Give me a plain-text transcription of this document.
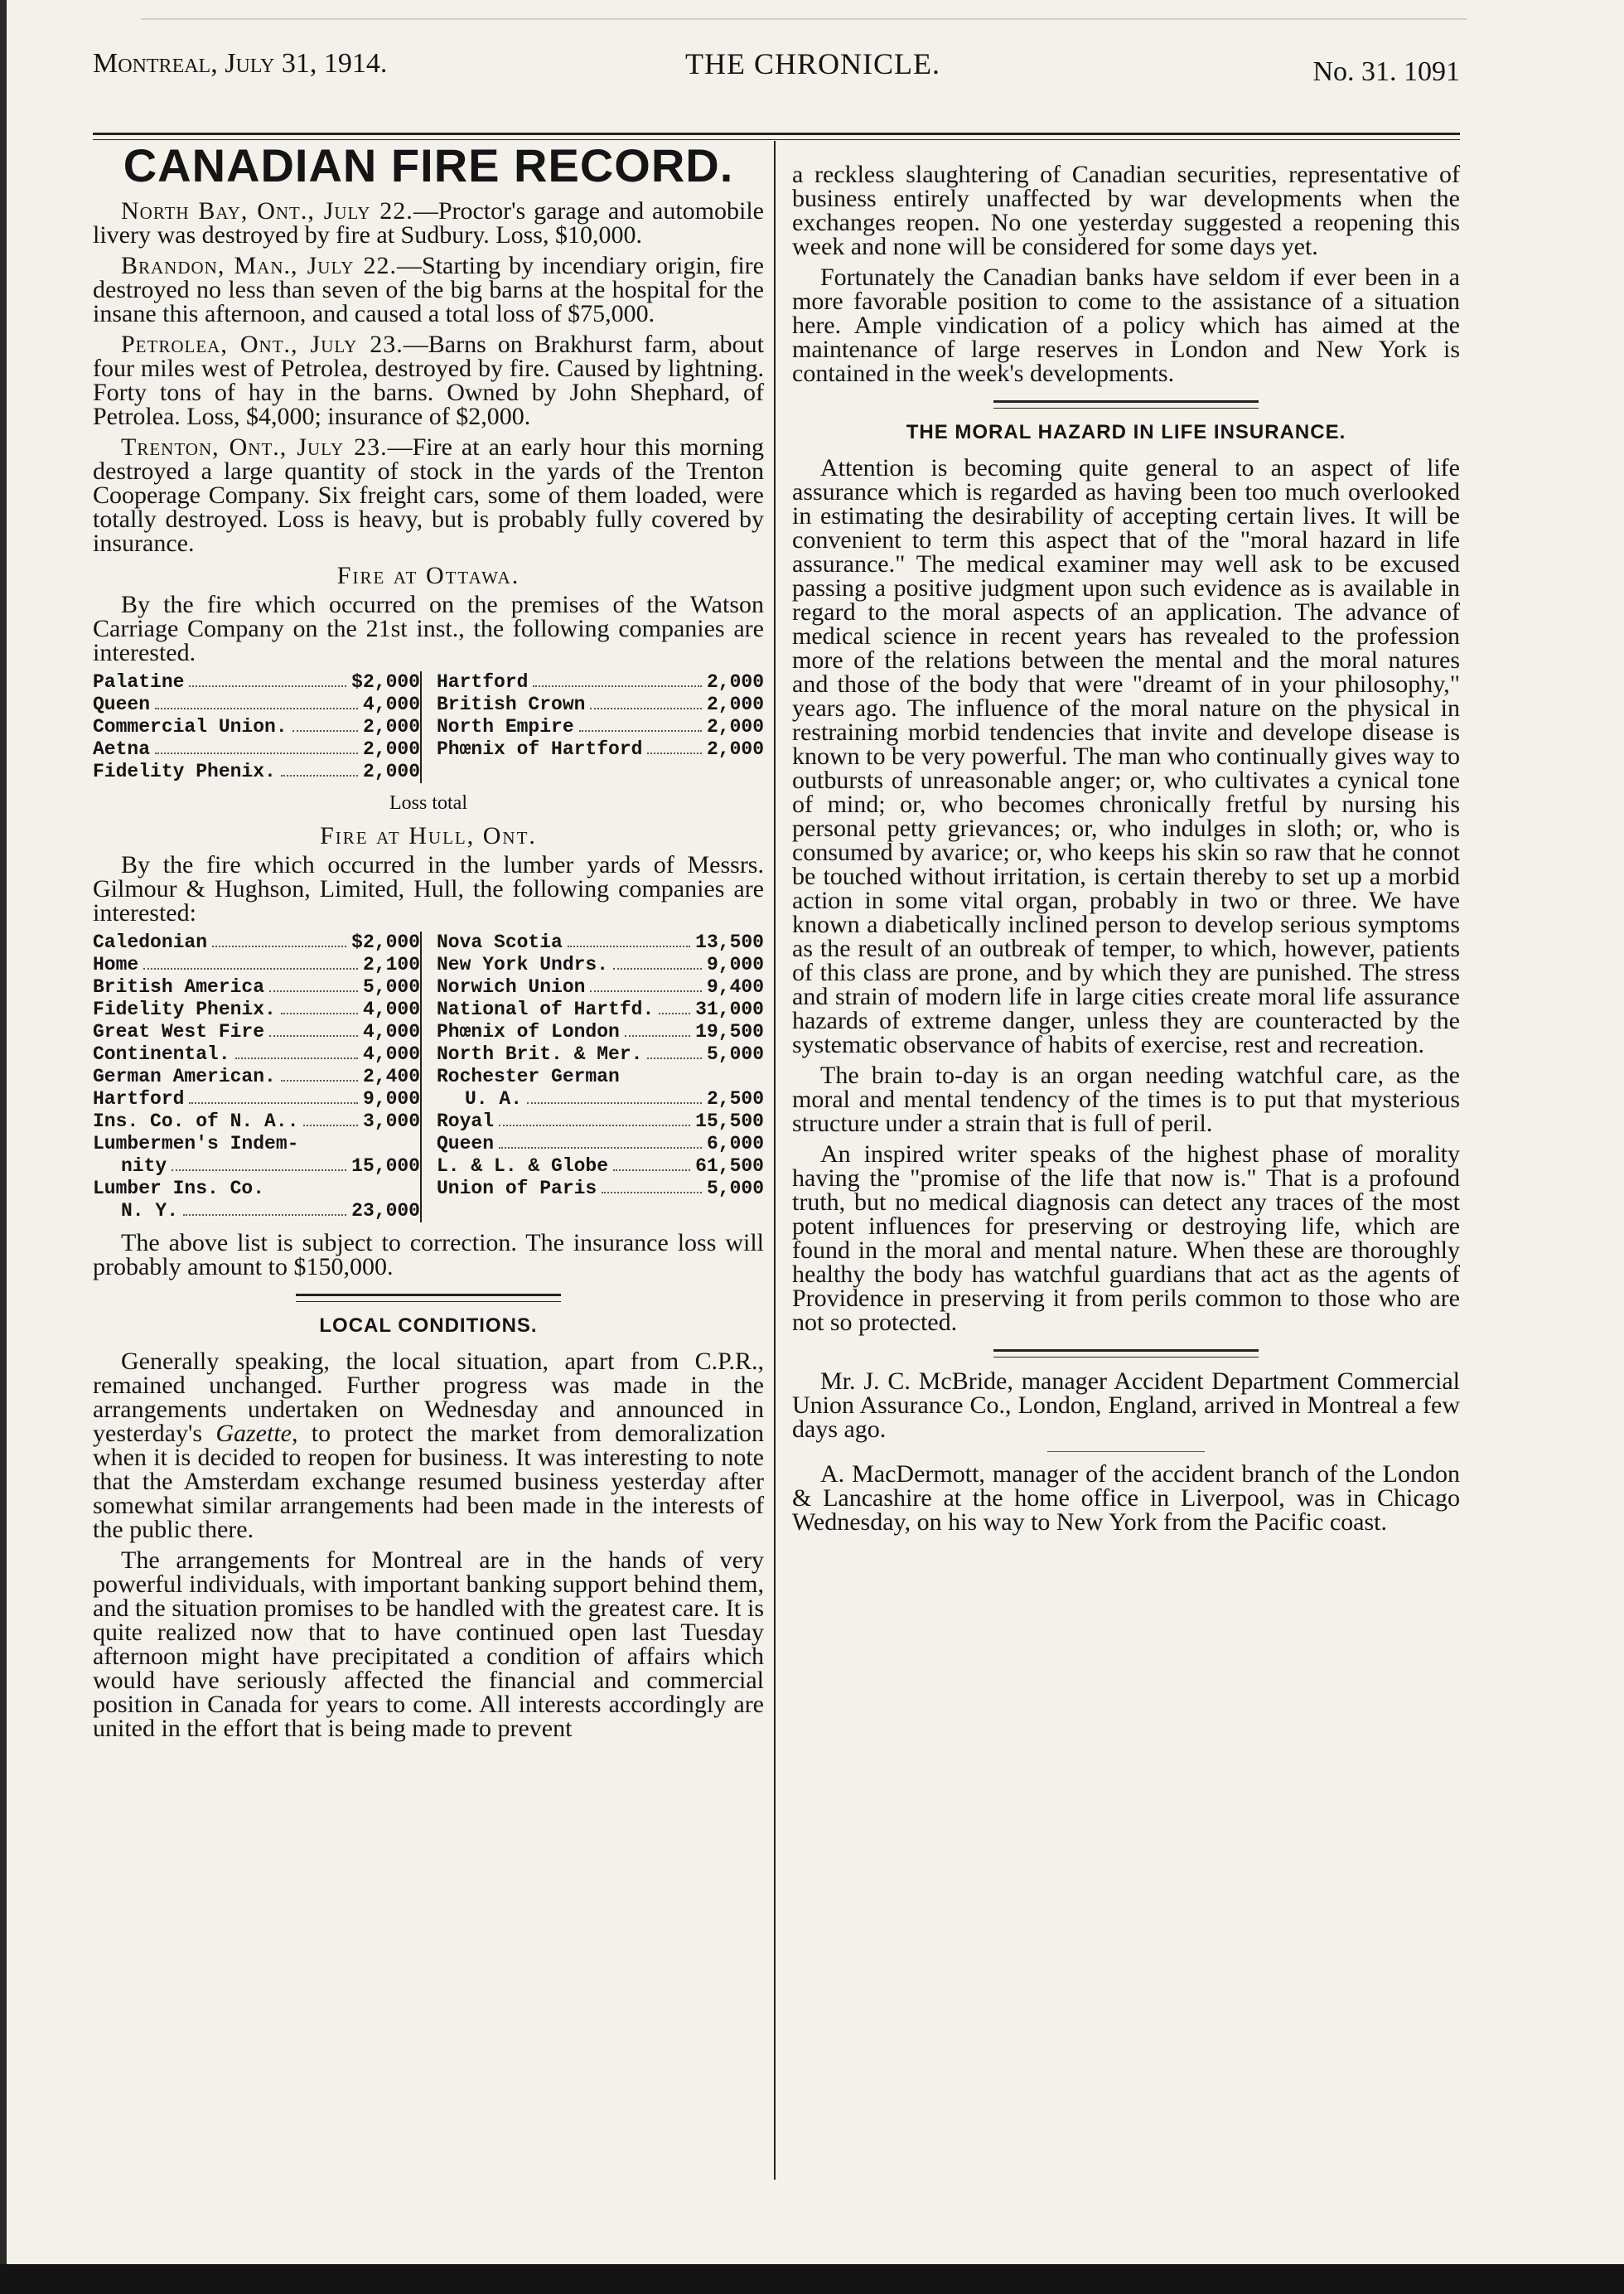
Montreal, July 31, 1914.	THE CHRONICLE.	No. 31. 1091
CANADIAN FIRE RECORD.

North Bay, Ont., July 22.—Proctor's garage and automobile livery was destroyed by fire at Sudbury. Loss, $10,000.

Brandon, Man., July 22.—Starting by incendiary origin, fire destroyed no less than seven of the big barns at the hospital for the insane this afternoon, and caused a total loss of $75,000.

Petrolea, Ont., July 23.—Barns on Brakhurst farm, about four miles west of Petrolea, destroyed by fire. Caused by lightning. Forty tons of hay in the barns. Owned by John Shephard, of Petrolea. Loss, $4,000; insurance of $2,000.

Trenton, Ont., July 23.—Fire at an early hour this morning destroyed a large quantity of stock in the yards of the Trenton Cooperage Company. Six freight cars, some of them loaded, were totally destroyed. Loss is heavy, but is probably fully covered by insurance.

Fire at Ottawa.

By the fire which occurred on the premises of the Watson Carriage Company on the 21st inst., the following companies are interested.

Palatine	$2,000
Queen	4,000
Commercial Union.	2,000
Aetna	2,000
Fidelity Phenix.	2,000
Hartford	2,000
British Crown	2,000
North Empire	2,000
Phœnix of Hartford	2,000
Loss total
Fire at Hull, Ont.

By the fire which occurred in the lumber yards of Messrs. Gilmour & Hughson, Limited, Hull, the following companies are interested:

Caledonian	$2,000
Home	2,100
British America	5,000
Fidelity Phenix.	4,000
Great West Fire	4,000
Continental.	4,000
German American.	2,400
Hartford	9,000
Ins. Co. of N. A..	3,000
Lumbermen's Indem-
nity	15,000
Lumber Ins. Co.
N. Y.	23,000
Nova Scotia	13,500
New York Undrs.	9,000
Norwich Union	9,400
National of Hartfd. 31,000
Phœnix of London	19,500
North Brit. & Mer.	5,000
Rochester German
U. A.	2,500
Royal	15,500
Queen	6,000
L. & L. & Globe	61,500
Union of Paris	5,000

The above list is subject to correction. The insurance loss will probably amount to $150,000.

LOCAL CONDITIONS.

Generally speaking, the local situation, apart from C.P.R., remained unchanged. Further progress was made in the arrangements undertaken on Wednesday and announced in yesterday's Gazette, to protect the market from demoralization when it is decided to reopen for business. It was interesting to note that the Amsterdam exchange resumed business yesterday after somewhat similar arrangements had been made in the interests of the public there.

The arrangements for Montreal are in the hands of very powerful individuals, with important banking support behind them, and the situation promises to be handled with the greatest care. It is quite realized now that to have continued open last Tuesday afternoon might have precipitated a condition of affairs which would have seriously affected the financial and commercial position in Canada for years to come. All interests accordingly are united in the effort that is being made to prevent

a reckless slaughtering of Canadian securities, representative of business entirely unaffected by war developments when the exchanges reopen. No one yesterday suggested a reopening this week and none will be considered for some days yet.

Fortunately the Canadian banks have seldom if ever been in a more favorable position to come to the assistance of a situation here. Ample vindication of a policy which has aimed at the maintenance of large reserves in London and New York is contained in the week's developments.

THE MORAL HAZARD IN LIFE INSURANCE.

Attention is becoming quite general to an aspect of life assurance which is regarded as having been too much overlooked in estimating the desirability of accepting certain lives. It will be convenient to term this aspect that of the "moral hazard in life assurance." The medical examiner may well ask to be excused passing a positive judgment upon such evidence as is available in regard to the moral aspects of an application. The advance of medical science in recent years has revealed to the profession more of the relations between the mental and the moral natures and those of the body that were "dreamt of in your philosophy," years ago. The influence of the moral nature on the physical in restraining morbid tendencies that invite and develope disease is known to be very powerful. The man who continually gives way to outbursts of unreasonable anger; or, who cultivates a cynical tone of mind; or, who becomes chronically fretful by nursing his personal petty grievances; or, who indulges in sloth; or, who is consumed by avarice; or, who keeps his skin so raw that he connot be touched without irritation, is certain thereby to set up a morbid action in some vital organ, probably in two or three. We have known a diabetically inclined person to develop serious symptoms as the result of an outbreak of temper, to which, however, patients of this class are prone, and by which they are punished. The stress and strain of modern life in large cities create moral life assurance hazards of extreme danger, unless they are counteracted by the systematic observance of habits of exercise, rest and recreation.

The brain to-day is an organ needing watchful care, as the moral and mental tendency of the times is to put that mysterious structure under a strain that is full of peril.

An inspired writer speaks of the highest phase of morality having the "promise of the life that now is." That is a profound truth, but no medical diagnosis can detect any traces of the most potent influences for preserving or destroying life, which are found in the moral and mental nature. When these are thoroughly healthy the body has watchful guardians that act as the agents of Providence in preserving it from perils common to those who are not so protected.

Mr. J. C. McBride, manager Accident Department Commercial Union Assurance Co., London, England, arrived in Montreal a few days ago.

A. MacDermott, manager of the accident branch of the London & Lancashire at the home office in Liverpool, was in Chicago Wednesday, on his way to New York from the Pacific coast.
